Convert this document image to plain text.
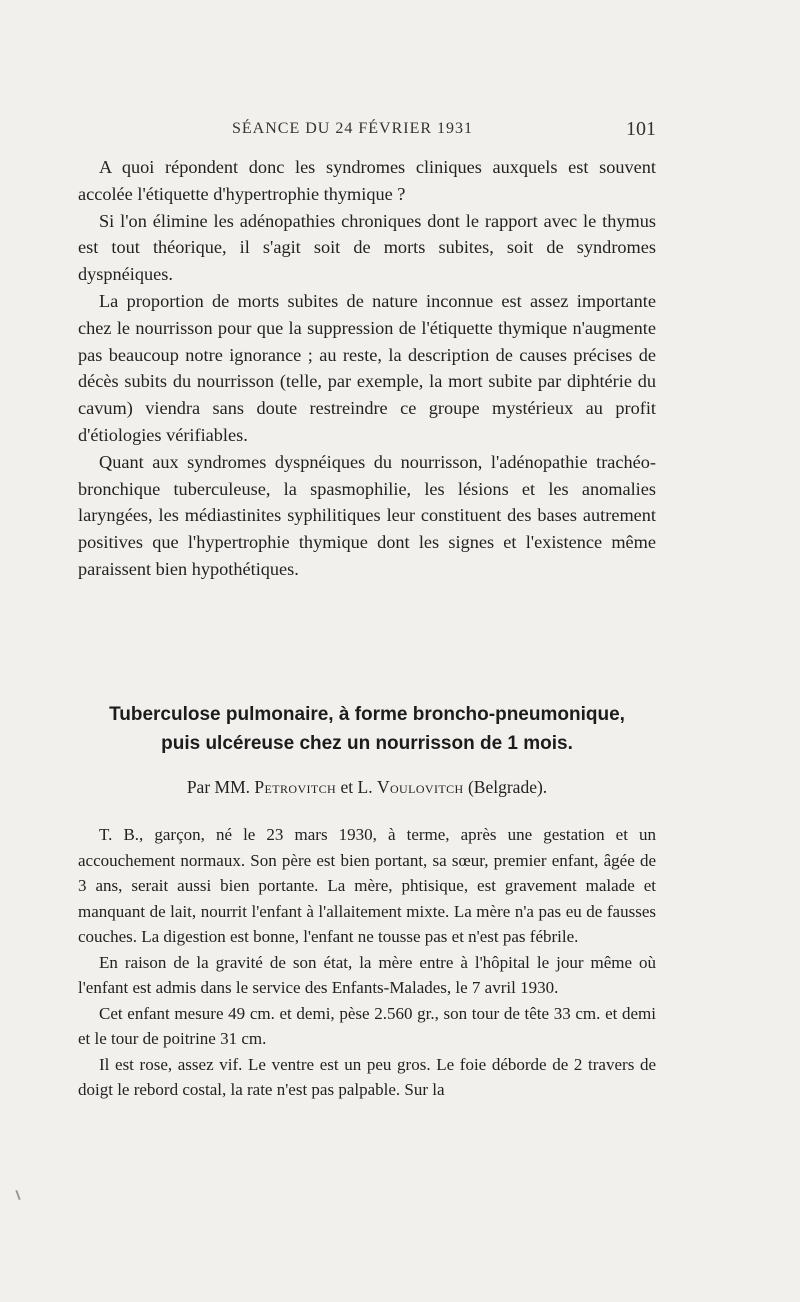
SÉANCE DU 24 FÉVRIER 1931	101

A quoi répondent donc les syndromes cliniques auxquels est souvent accolée l'étiquette d'hypertrophie thymique ?

Si l'on élimine les adénopathies chroniques dont le rapport avec le thymus est tout théorique, il s'agit soit de morts subites, soit de syndromes dyspnéiques.

La proportion de morts subites de nature inconnue est assez importante chez le nourrisson pour que la suppression de l'étiquette thymique n'augmente pas beaucoup notre ignorance ; au reste, la description de causes précises de décès subits du nourrisson (telle, par exemple, la mort subite par diphtérie du cavum) viendra sans doute restreindre ce groupe mystérieux au profit d'étiologies vérifiables.

Quant aux syndromes dyspnéiques du nourrisson, l'adénopathie trachéo-bronchique tuberculeuse, la spasmophilie, les lésions et les anomalies laryngées, les médiastinites syphilitiques leur constituent des bases autrement positives que l'hypertrophie thymique dont les signes et l'existence même paraissent bien hypothétiques.

Tuberculose pulmonaire, à forme broncho-pneumonique,
puis ulcéreuse chez un nourrisson de 1 mois.
Par MM. Petrovitch et L. Voulovitch (Belgrade).

T. B., garçon, né le 23 mars 1930, à terme, après une gestation et un accouchement normaux. Son père est bien portant, sa sœur, premier enfant, âgée de 3 ans, serait aussi bien portante. La mère, phtisique, est gravement malade et manquant de lait, nourrit l'enfant à l'allaitement mixte. La mère n'a pas eu de fausses couches. La digestion est bonne, l'enfant ne tousse pas et n'est pas fébrile.

En raison de la gravité de son état, la mère entre à l'hôpital le jour même où l'enfant est admis dans le service des Enfants-Malades, le 7 avril 1930.

Cet enfant mesure 49 cm. et demi, pèse 2.560 gr., son tour de tête 33 cm. et demi et le tour de poitrine 31 cm.

Il est rose, assez vif. Le ventre est un peu gros. Le foie déborde de 2 travers de doigt le rebord costal, la rate n'est pas palpable. Sur la
